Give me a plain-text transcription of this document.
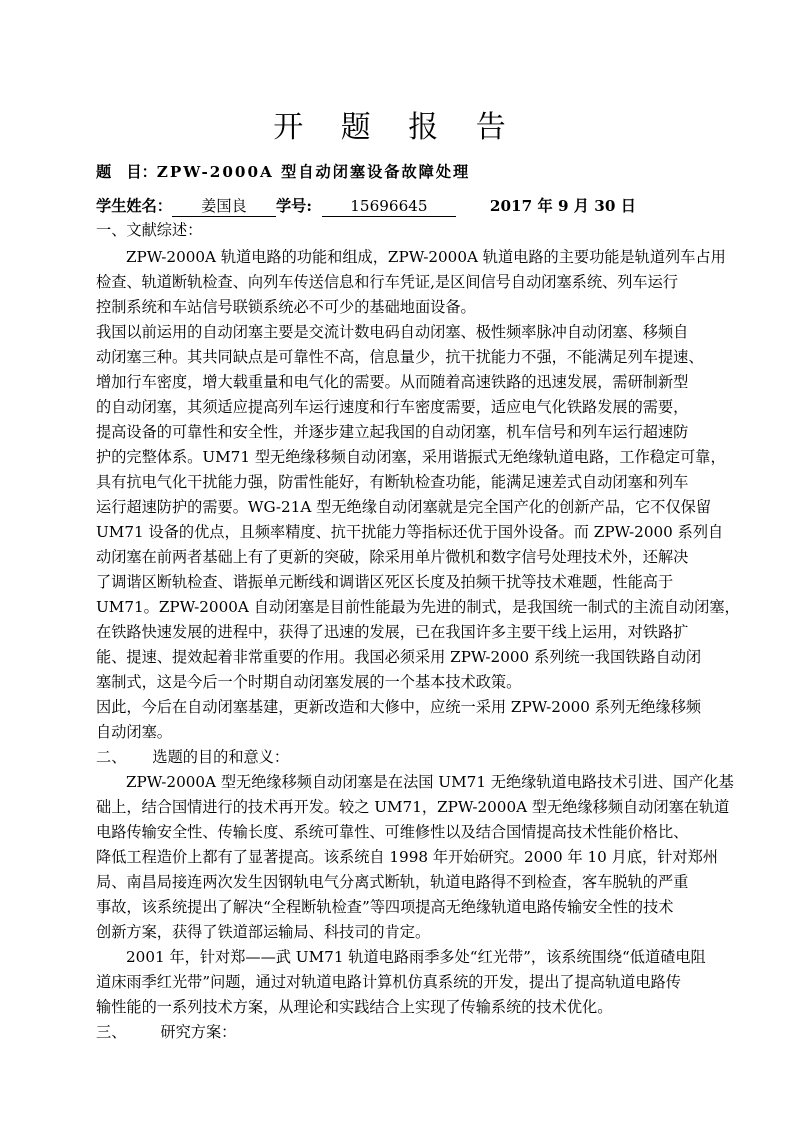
开 题 报 告
题　目：ZPW-2000A 型自动闭塞设备故障处理
学生姓名： 姜国良 学号:	15696645	2017 年 9 月 30 日
一、文献综述：
ZPW-2000A 轨道电路的功能和组成，ZPW-2000A 轨道电路的主要功能是轨道列车占用
检查、轨道断轨检查、向列车传送信息和行车凭证,是区间信号自动闭塞系统、列车运行
控制系统和车站信号联锁系统必不可少的基础地面设备。
我国以前运用的自动闭塞主要是交流计数电码自动闭塞、极性频率脉冲自动闭塞、移频自
动闭塞三种。其共同缺点是可靠性不高，信息量少，抗干扰能力不强，不能满足列车提速、
增加行车密度，增大载重量和电气化的需要。从而随着高速铁路的迅速发展，需研制新型
的自动闭塞，其须适应提高列车运行速度和行车密度需要，适应电气化铁路发展的需要，
提高设备的可靠性和安全性，并逐步建立起我国的自动闭塞，机车信号和列车运行超速防
护的完整体系。UM71 型无绝缘移频自动闭塞，采用谐振式无绝缘轨道电路，工作稳定可靠，
具有抗电气化干扰能力强，防雷性能好，有断轨检查功能，能满足速差式自动闭塞和列车
运行超速防护的需要。WG-21A 型无绝缘自动闭塞就是完全国产化的创新产品，它不仅保留
UM71 设备的优点，且频率精度、抗干扰能力等指标还优于国外设备。而 ZPW-2000 系列自
动闭塞在前两者基础上有了更新的突破，除采用单片微机和数字信号处理技术外，还解决
了调谐区断轨检查、谐振单元断线和调谐区死区长度及拍频干扰等技术难题，性能高于
UM71。ZPW-2000A 自动闭塞是目前性能最为先进的制式，是我国统一制式的主流自动闭塞，
在铁路快速发展的进程中，获得了迅速的发展，已在我国许多主要干线上运用，对铁路扩
能、提速、提效起着非常重要的作用。我国必须采用 ZPW-2000 系列统一我国铁路自动闭
塞制式，这是今后一个时期自动闭塞发展的一个基本技术政策。
因此，今后在自动闭塞基建，更新改造和大修中，应统一采用 ZPW-2000 系列无绝缘移频
自动闭塞。
二、 选题的目的和意义：
ZPW-2000A 型无绝缘移频自动闭塞是在法国 UM71 无绝缘轨道电路技术引进、国产化基
础上，结合国情进行的技术再开发。较之 UM71，ZPW-2000A 型无绝缘移频自动闭塞在轨道
电路传输安全性、传输长度、系统可靠性、可维修性以及结合国情提高技术性能价格比、
降低工程造价上都有了显著提高。该系统自 1998 年开始研究。2000 年 10 月底，针对郑州
局、南昌局接连两次发生因钢轨电气分离式断轨，轨道电路得不到检查，客车脱轨的严重
事故，该系统提出了解决“全程断轨检查”等四项提高无绝缘轨道电路传输安全性的技术
创新方案，获得了铁道部运输局、科技司的肯定。
2001 年，针对郑——武 UM71 轨道电路雨季多处“红光带”，该系统围绕“低道碴电阻
道床雨季红光带”问题，通过对轨道电路计算机仿真系统的开发，提出了提高轨道电路传
输性能的一系列技术方案，从理论和实践结合上实现了传输系统的技术优化。
三、 研究方案：
